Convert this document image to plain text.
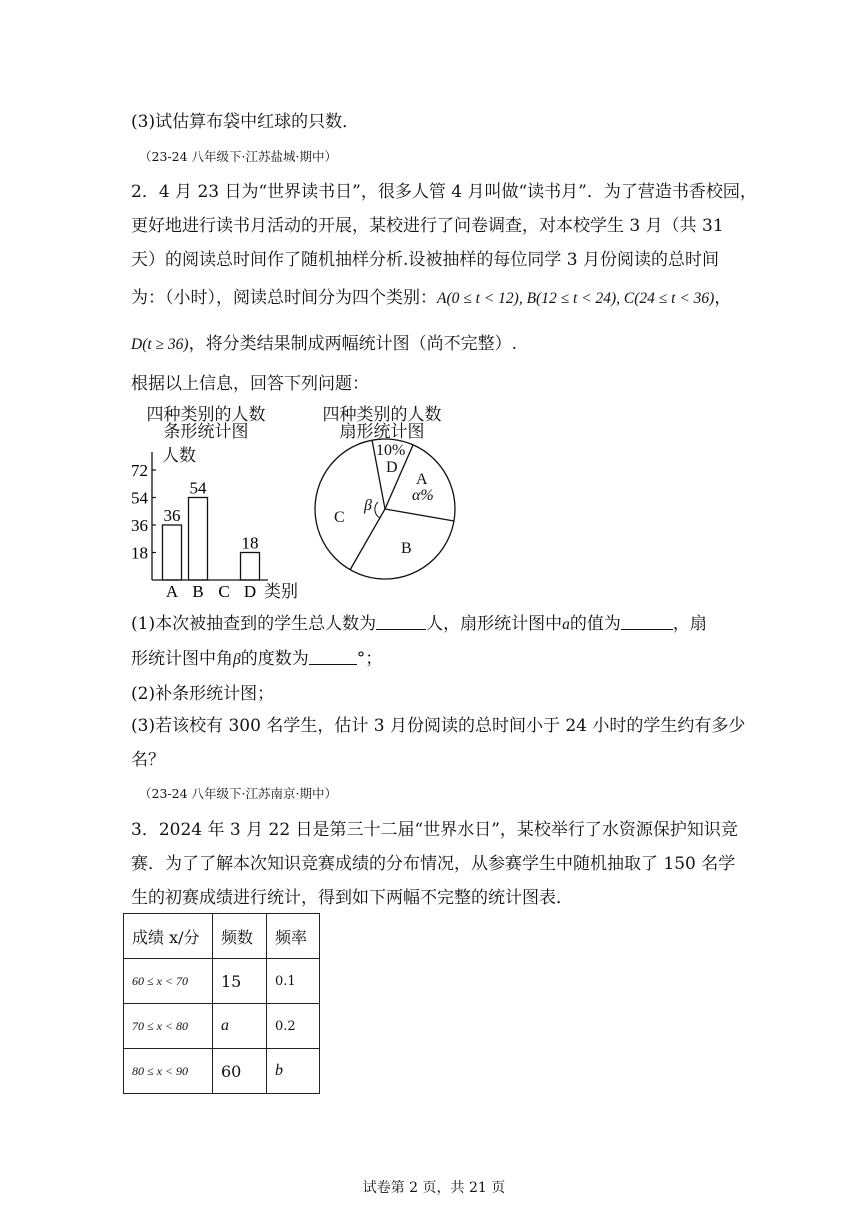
(3)试估算布袋中红球的只数．
（23-24 八年级下·江苏盐城·期中）
2．4 月 23 日为“世界读书日”，很多人管 4 月叫做“读书月”．为了营造书香校园，
更好地进行读书月活动的开展，某校进行了问卷调查，对本校学生 3 月（共 31
天）的阅读总时间作了随机抽样分析.设被抽样的每位同学 3 月份阅读的总时间
为：（小时），阅读总时间分为四个类别：A(0 ≤ t < 12), B(12 ≤ t < 24), C(24 ≤ t < 36)，
D(t ≥ 36)，将分类结果制成两幅统计图（尚不完整）.
根据以上信息，回答下列问题：
四种类别的人数
条形统计图
人数
类别
72
54
36
18
36
A
54
B C
18
D
四种类别的人数
扇形统计图
10%
D
A
α%
β
C
B
(1)本次被抽查到的学生总人数为	人，扇形统计图中a的值为	，扇
形统计图中角β的度数为	°；
(2)补条形统计图；
(3)若该校有 300 名学生，估计 3 月份阅读的总时间小于 24 小时的学生约有多少
名？
（23-24 八年级下·江苏南京·期中）
3．2024 年 3 月 22 日是第三十二届“世界水日”，某校举行了水资源保护知识竞
赛．为了了解本次知识竞赛成绩的分布情况，从参赛学生中随机抽取了 150 名学
生的初赛成绩进行统计，得到如下两幅不完整的统计图表．
成绩 x/分	频数	频率
60 ≤ x < 70	15	0.1
70 ≤ x < 80	a	0.2
80 ≤ x < 90	60	b
试卷第 2 页，共 21 页
